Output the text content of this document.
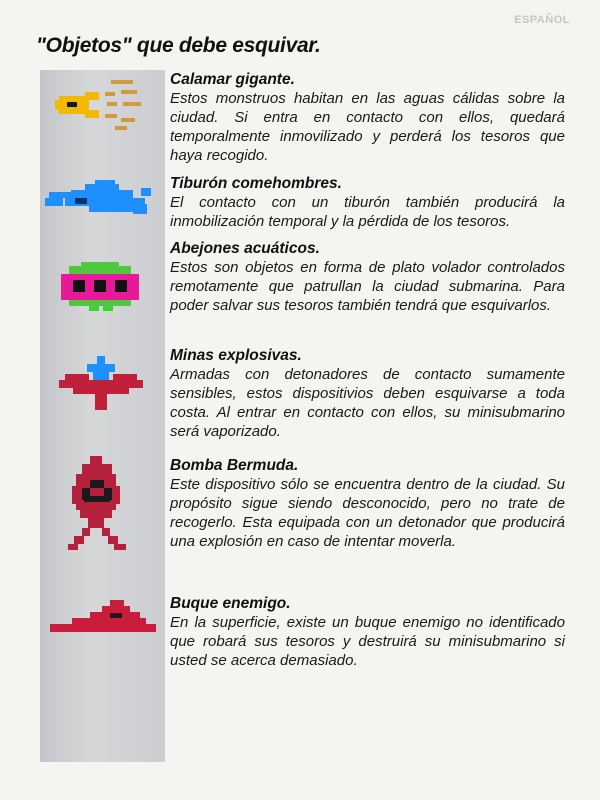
ESPAÑOL
"Objetos" que debe esquivar.
Calamar gigante.

Estos monstruos habitan en las aguas cálidas sobre la ciudad. Si entra en contacto con ellos, quedará temporalmente inmovilizado y perderá los tesoros que haya recogido.

Tiburón comehombres.

El contacto con un tiburón también producirá la inmobilización temporal y la pérdida de los tesoros.

Abejones acuáticos.

Estos son objetos en forma de plato volador controlados remotamente que patrullan la ciudad submarina. Para poder salvar sus tesoros también tendrá que esquivarlos.

Minas explosivas.

Armadas con detonadores de contacto sumamente sensibles, estos dispositivios deben esquivarse a toda costa. Al entrar en contacto con ellos, su minisubmarino será vaporizado.

Bomba Bermuda.

Este dispositivo sólo se encuentra dentro de la ciudad. Su propósito sigue siendo desconocido, pero no trate de recogerlo. Esta equipada con un detonador que producirá una explosión en caso de intentar moverla.

Buque enemigo.

En la superficie, existe un buque enemigo no identificado que robará sus tesoros y destruirá su minisubmarino si usted se acerca demasiado.
